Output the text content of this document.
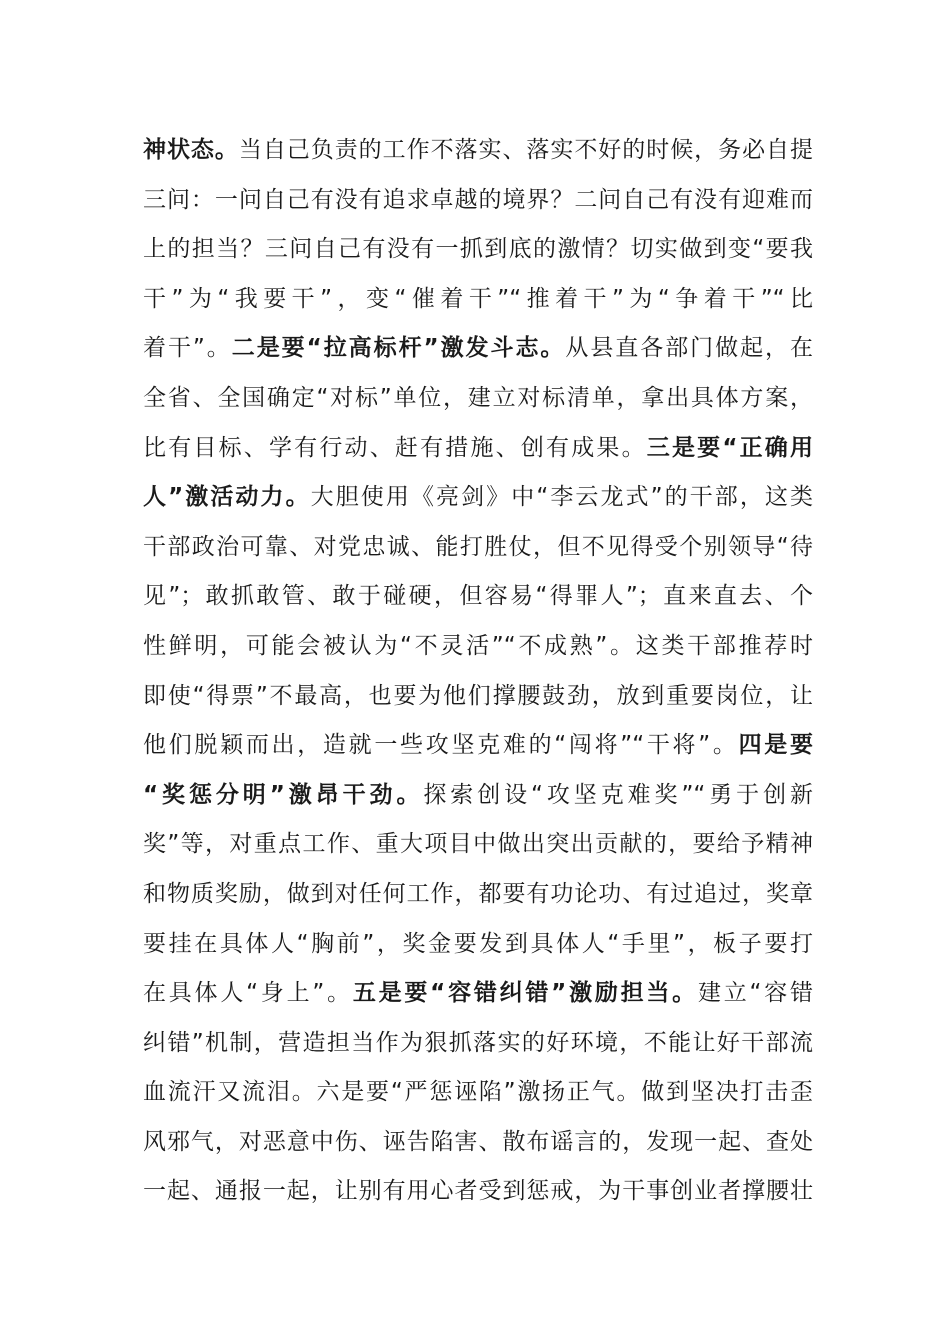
神状态。当自己负责的工作不落实、落实不好的时候，务必自提
三问：一问自己有没有追求卓越的境界？二问自己有没有迎难而
上的担当？三问自己有没有一抓到底的激情？切实做到变“要我
干”为“我要干”，变“催着干”“推着干”为“争着干”“比
着干”。二是要“拉高标杆”激发斗志。从县直各部门做起，在
全省、全国确定“对标”单位，建立对标清单，拿出具体方案，
比有目标、学有行动、赶有措施、创有成果。三是要“正确用
人”激活动力。大胆使用《亮剑》中“李云龙式”的干部，这类
干部政治可靠、对党忠诚、能打胜仗，但不见得受个别领导“待
见”；敢抓敢管、敢于碰硬，但容易“得罪人”；直来直去、个
性鲜明，可能会被认为“不灵活”“不成熟”。这类干部推荐时
即使“得票”不最高，也要为他们撑腰鼓劲，放到重要岗位，让
他们脱颖而出，造就一些攻坚克难的“闯将”“干将”。四是要
“奖惩分明”激昂干劲。探索创设“攻坚克难奖”“勇于创新
奖”等，对重点工作、重大项目中做出突出贡献的，要给予精神
和物质奖励，做到对任何工作，都要有功论功、有过追过，奖章
要挂在具体人“胸前”，奖金要发到具体人“手里”，板子要打
在具体人“身上”。五是要“容错纠错”激励担当。建立“容错
纠错”机制，营造担当作为狠抓落实的好环境，不能让好干部流
血流汗又流泪。六是要“严惩诬陷”激扬正气。做到坚决打击歪
风邪气，对恶意中伤、诬告陷害、散布谣言的，发现一起、查处
一起、通报一起，让别有用心者受到惩戒，为干事创业者撑腰壮
